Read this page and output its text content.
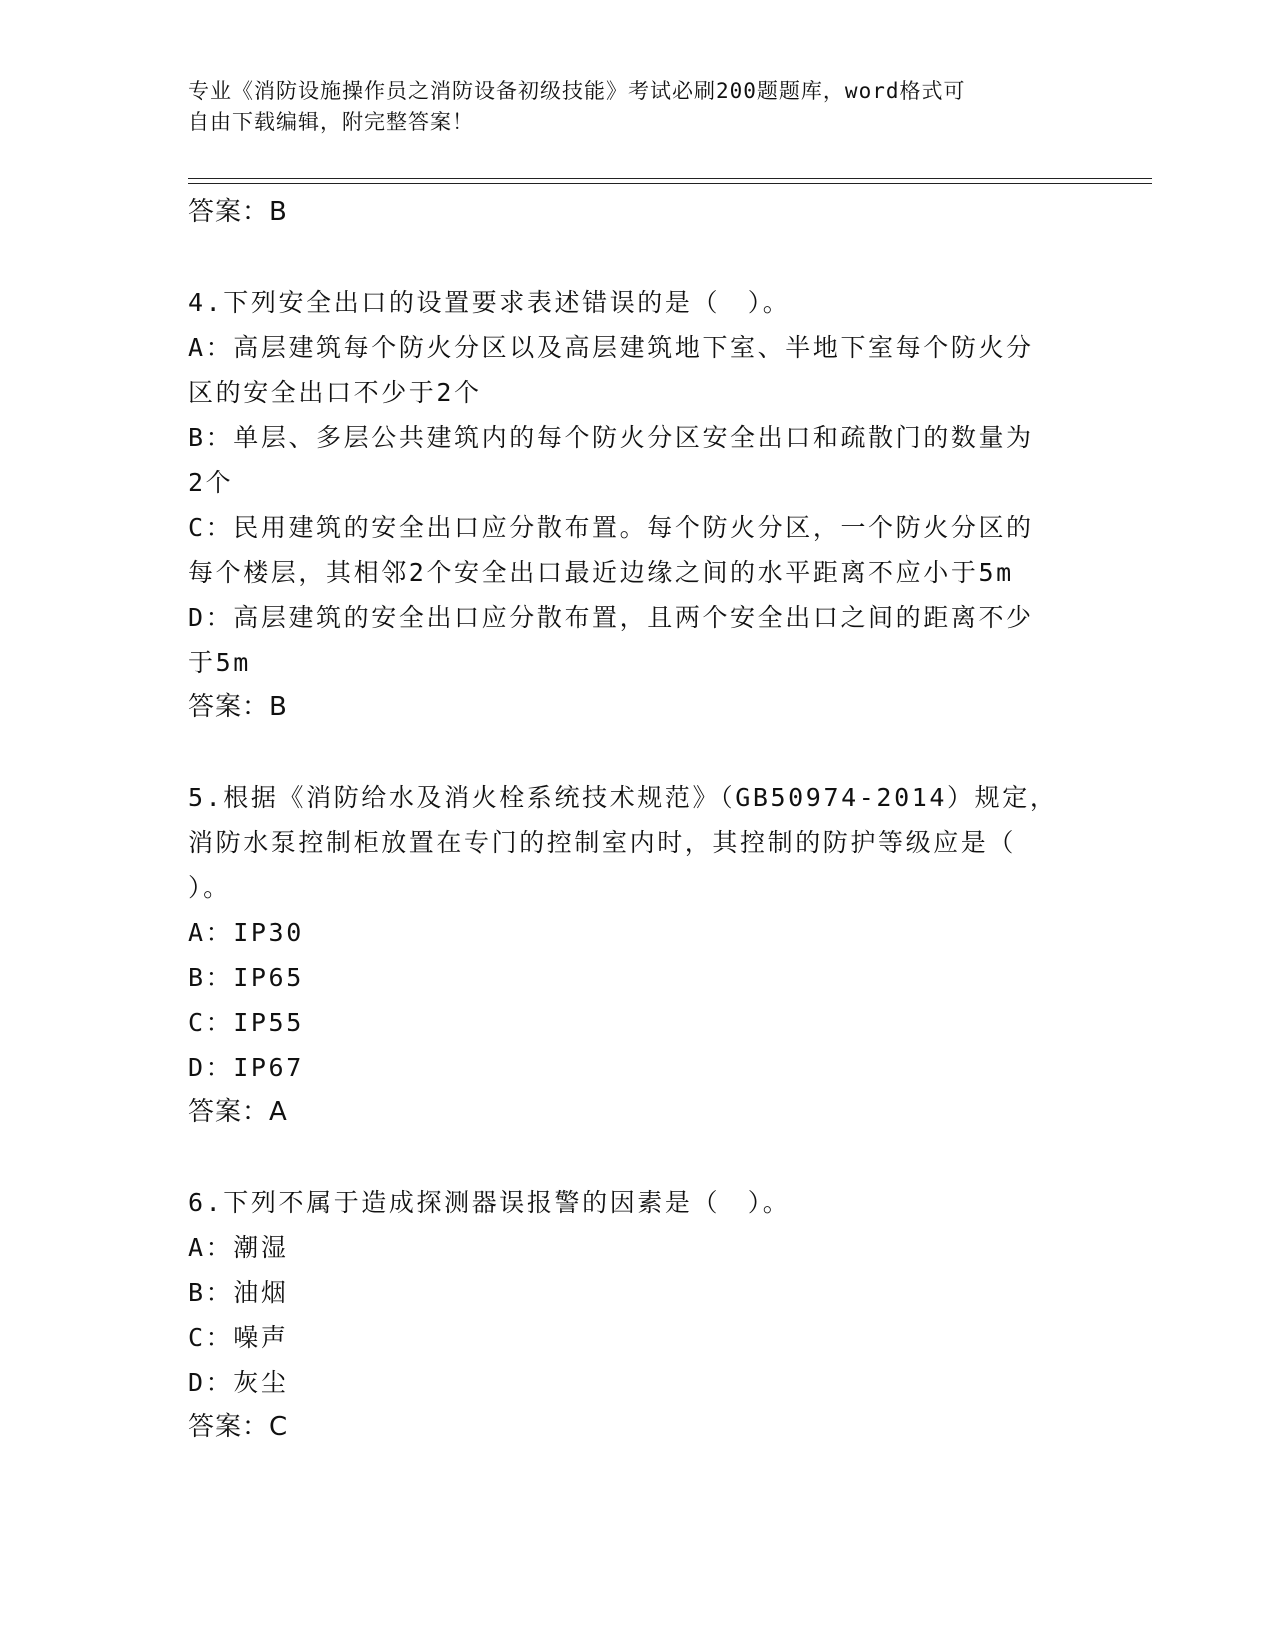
专业《消防设施操作员之消防设备初级技能》考试必刷200题题库，word格式可
自由下载编辑，附完整答案！
答案：B
4.下列安全出口的设置要求表述错误的是（　）。
A：高层建筑每个防火分区以及高层建筑地下室、半地下室每个防火分
区的安全出口不少于2个
B：单层、多层公共建筑内的每个防火分区安全出口和疏散门的数量为
2个
C：民用建筑的安全出口应分散布置。每个防火分区，一个防火分区的
每个楼层，其相邻2个安全出口最近边缘之间的水平距离不应小于5m
D：高层建筑的安全出口应分散布置，且两个安全出口之间的距离不少
于5m
答案：B
5.根据《消防给水及消火栓系统技术规范》（GB50974-2014）规定，
消防水泵控制柜放置在专门的控制室内时，其控制的防护等级应是（
）。
A：IP30
B：IP65
C：IP55
D：IP67
答案：A
6.下列不属于造成探测器误报警的因素是（　）。
A：潮湿
B：油烟
C：噪声
D：灰尘
答案：C
